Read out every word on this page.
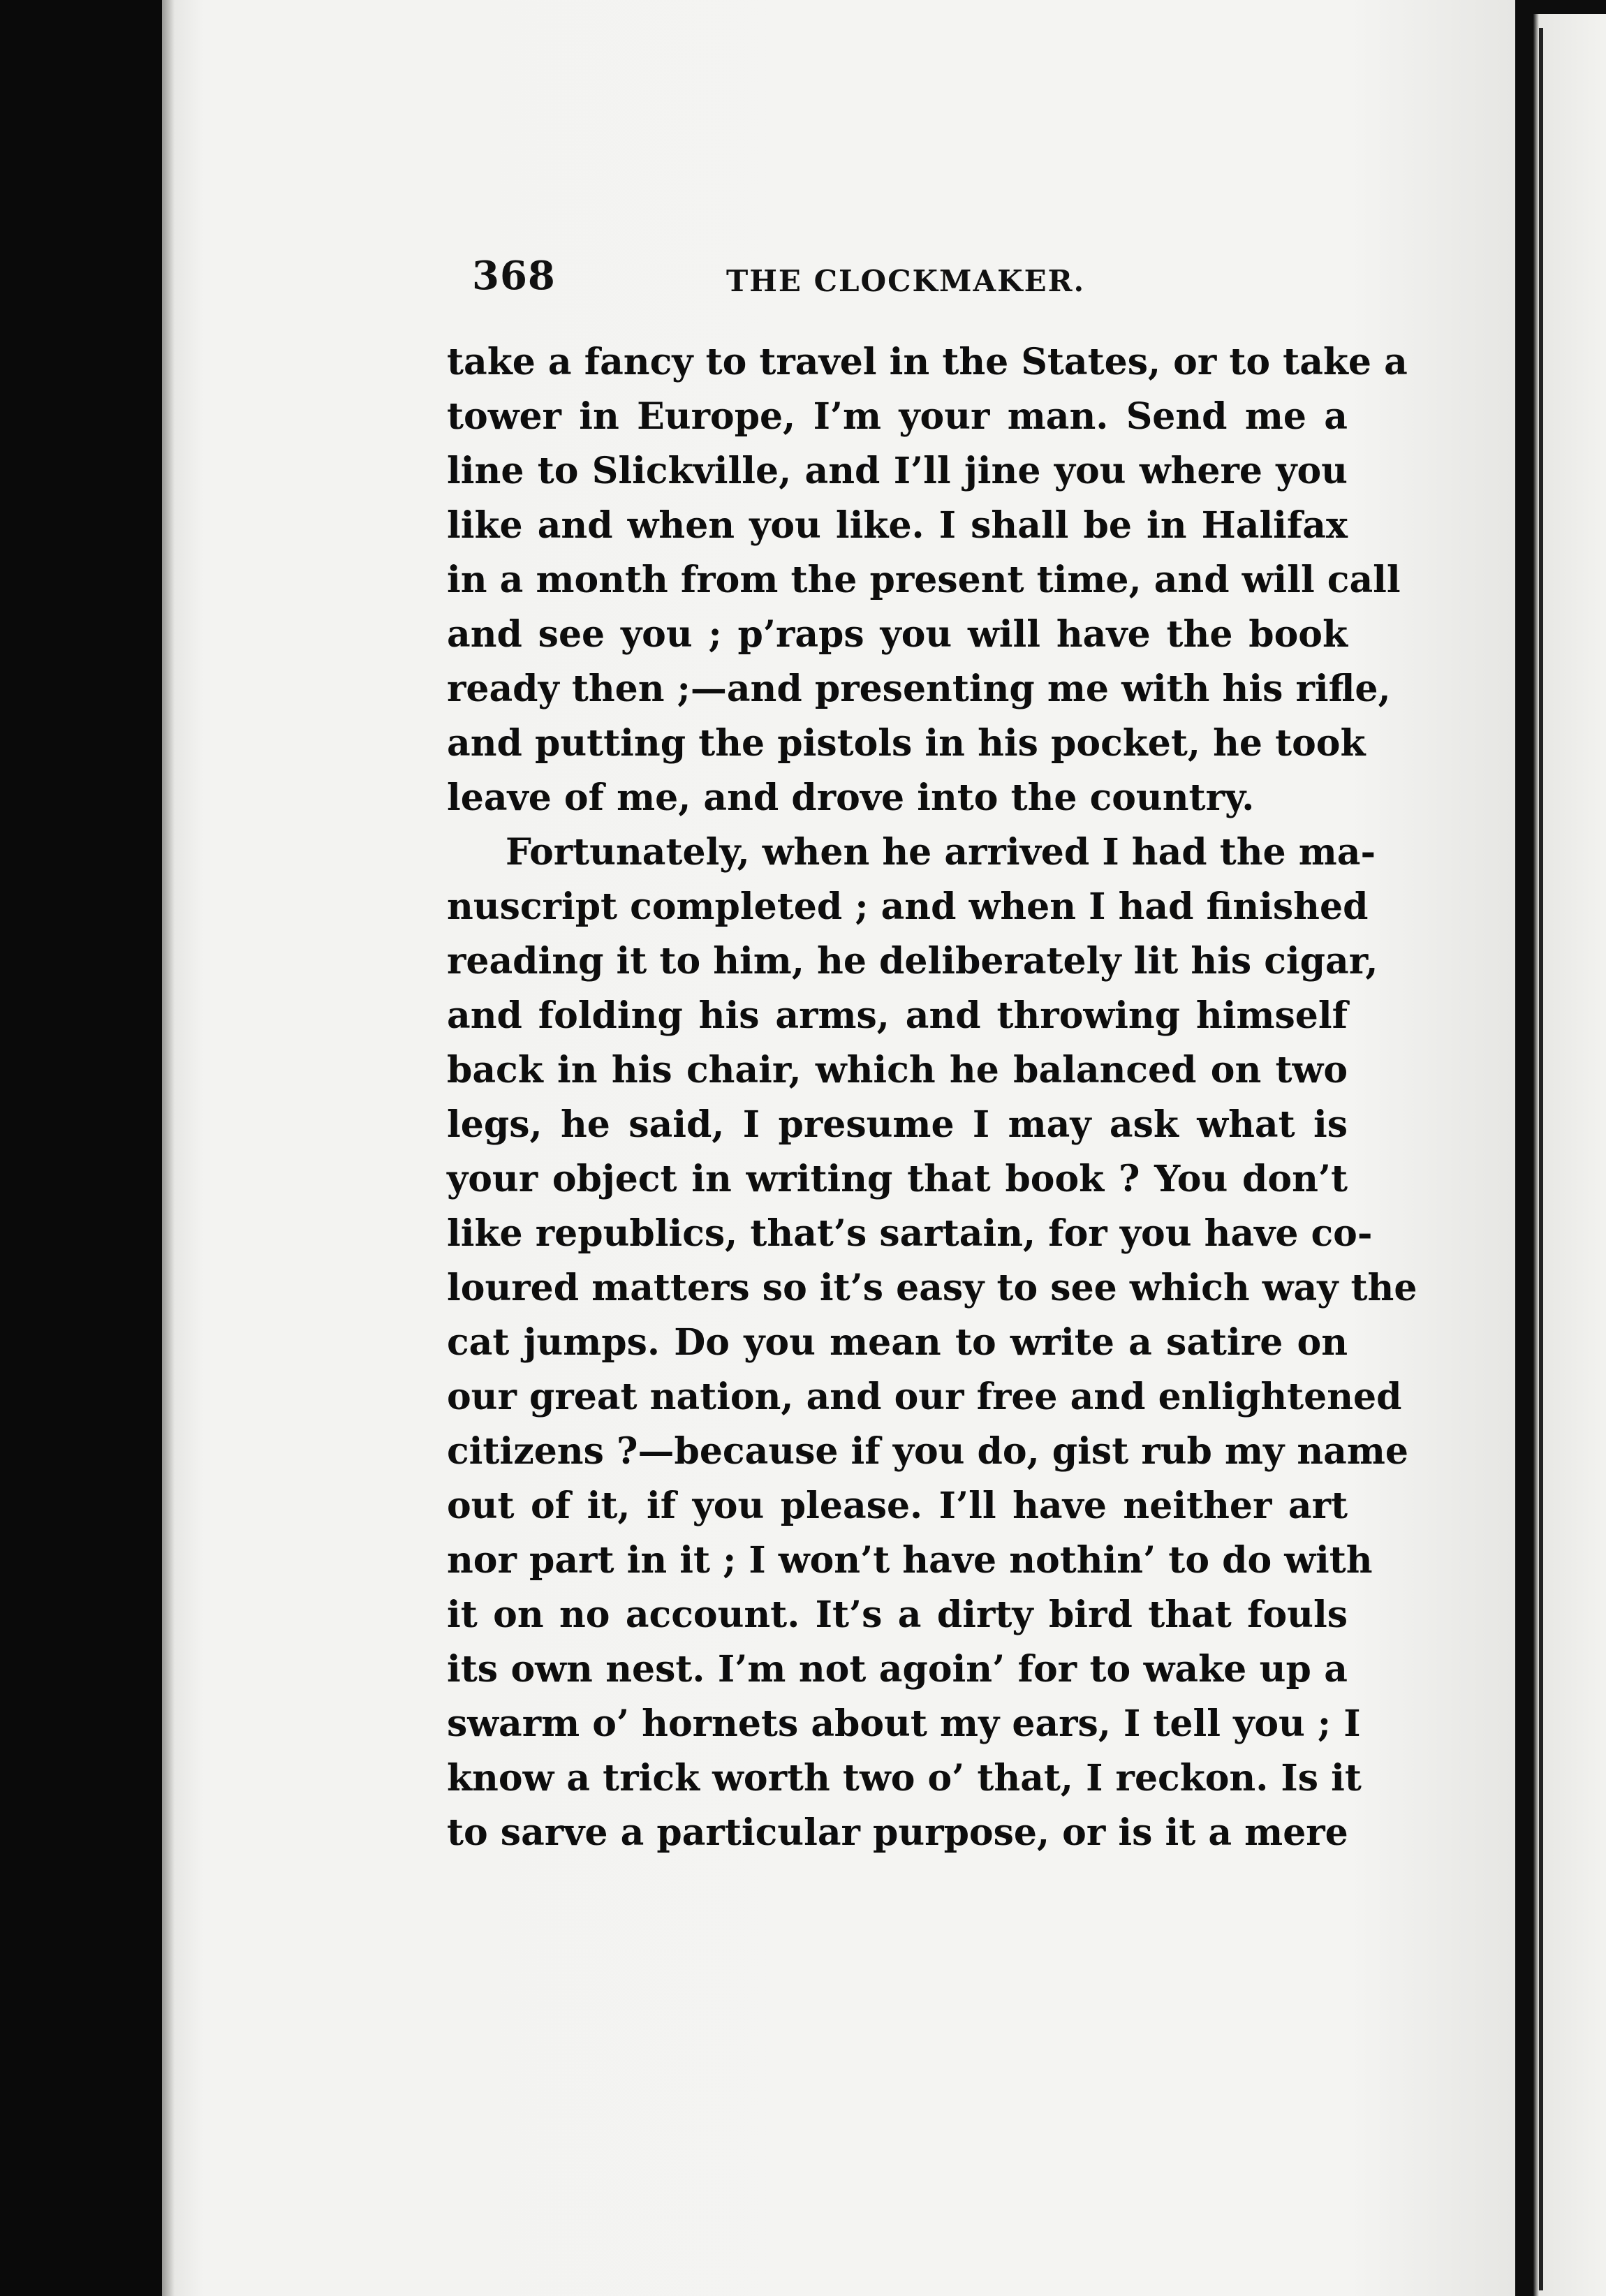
368	THE CLOCKMAKER.
take a fancy to travel in the States, or to take a
tower in Europe, I’m your man. Send me a
line to Slickville, and I’ll jine you where you
like and when you like. I shall be in Halifax
in a month from the present time, and will call
and see you ; p’raps you will have the book
ready then ;—and presenting me with his rifle,
and putting the pistols in his pocket, he took
leave of me, and drove into the country.
Fortunately, when he arrived I had the ma-
nuscript completed ; and when I had finished
reading it to him, he deliberately lit his cigar,
and folding his arms, and throwing himself
back in his chair, which he balanced on two
legs, he said, I presume I may ask what is
your object in writing that book ? You don’t
like republics, that’s sartain, for you have co-
loured matters so it’s easy to see which way the
cat jumps. Do you mean to write a satire on
our great nation, and our free and enlightened
citizens ?—because if you do, gist rub my name
out of it, if you please. I’ll have neither art
nor part in it ; I won’t have nothin’ to do with
it on no account. It’s a dirty bird that fouls
its own nest. I’m not agoin’ for to wake up a
swarm o’ hornets about my ears, I tell you ; I
know a trick worth two o’ that, I reckon. Is it
to sarve a particular purpose, or is it a mere
